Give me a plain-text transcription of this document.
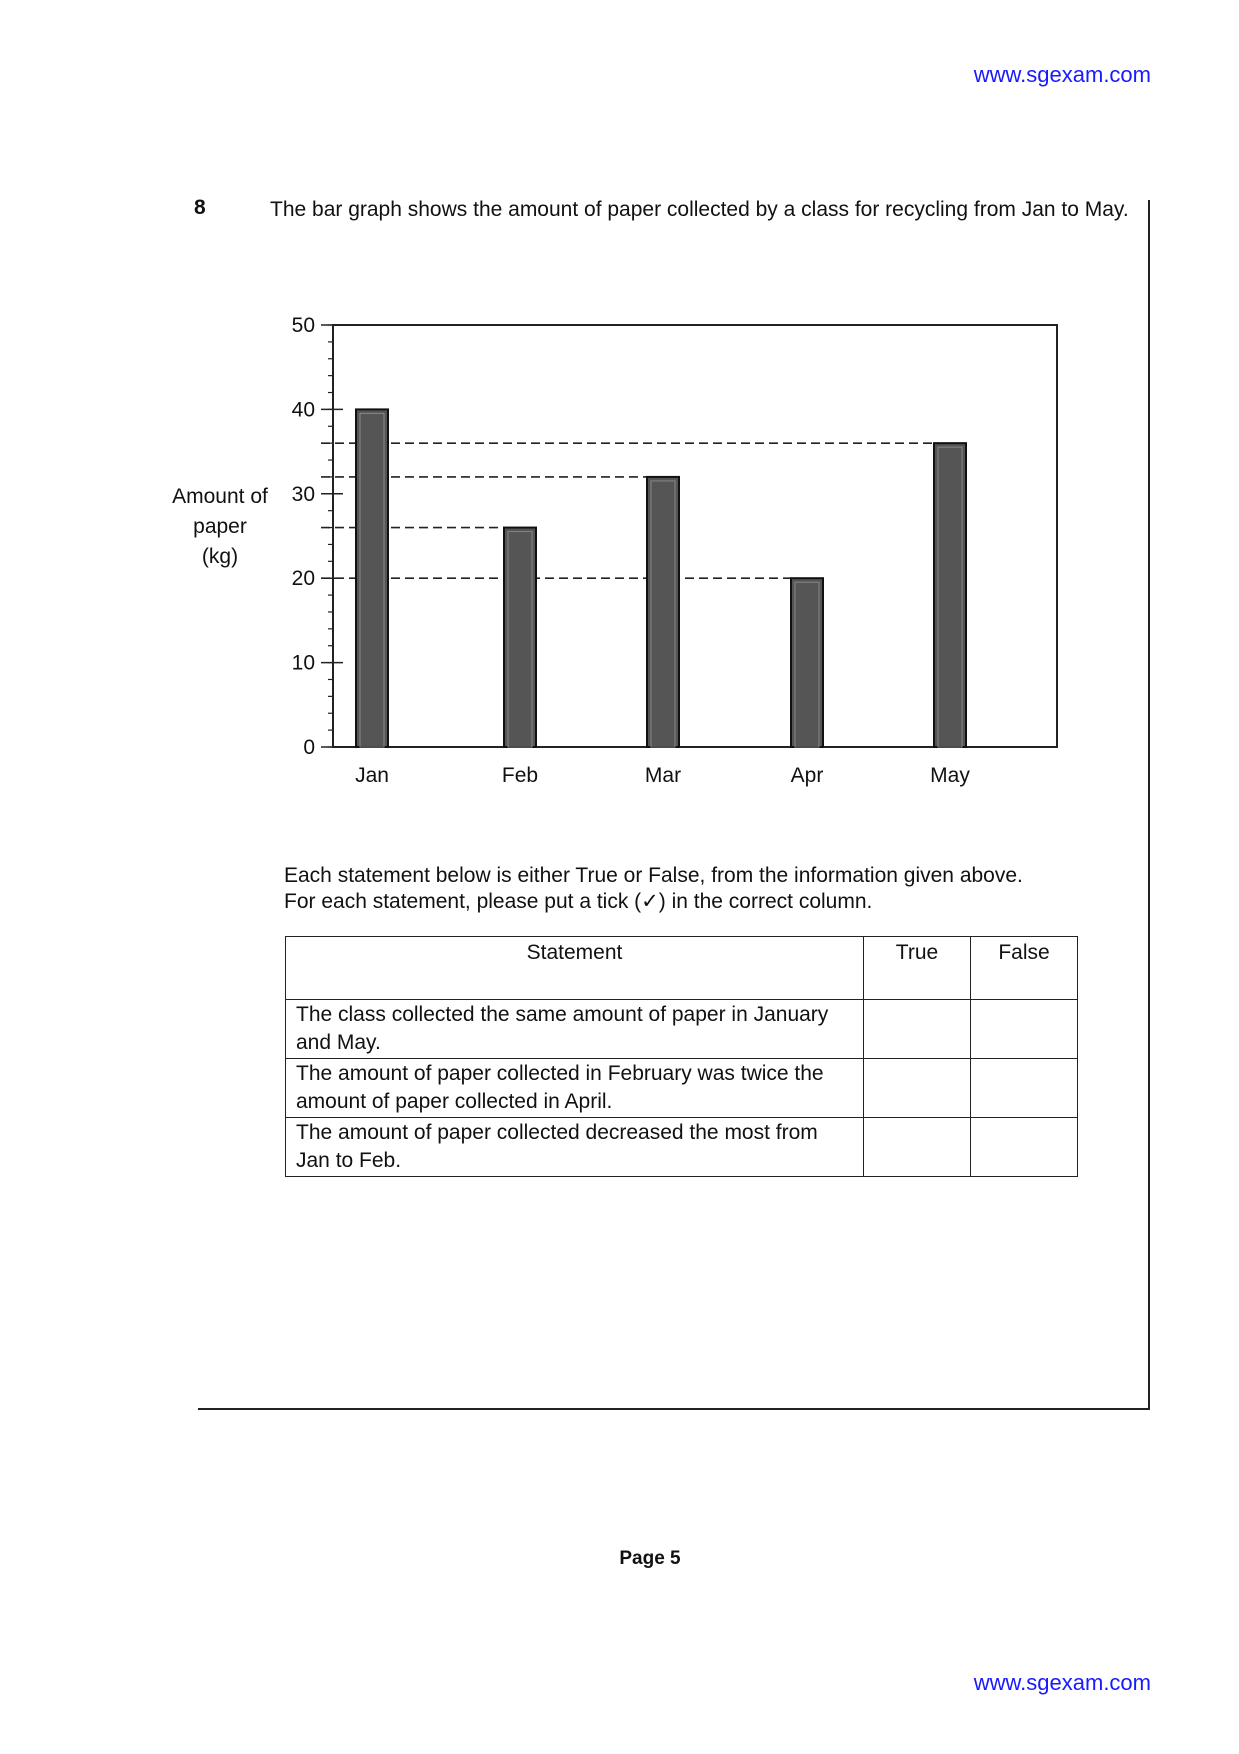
www.sgexam.com
8	The bar graph shows the amount of paper collected by a class for recycling from Jan to May.
Amount of
paper
(kg)
0
10
20
30
40
50
Jan	Feb	Mar	Apr	May
Each statement below is either True or False, from the information given above.
For each statement, please put a tick (✓) in the correct column.
Statement	True	False
The class collected the same amount of paper in January and May.		
The amount of paper collected in February was twice the amount of paper collected in April.		
The amount of paper collected decreased the most from Jan to Feb.		
Page 5
www.sgexam.com
